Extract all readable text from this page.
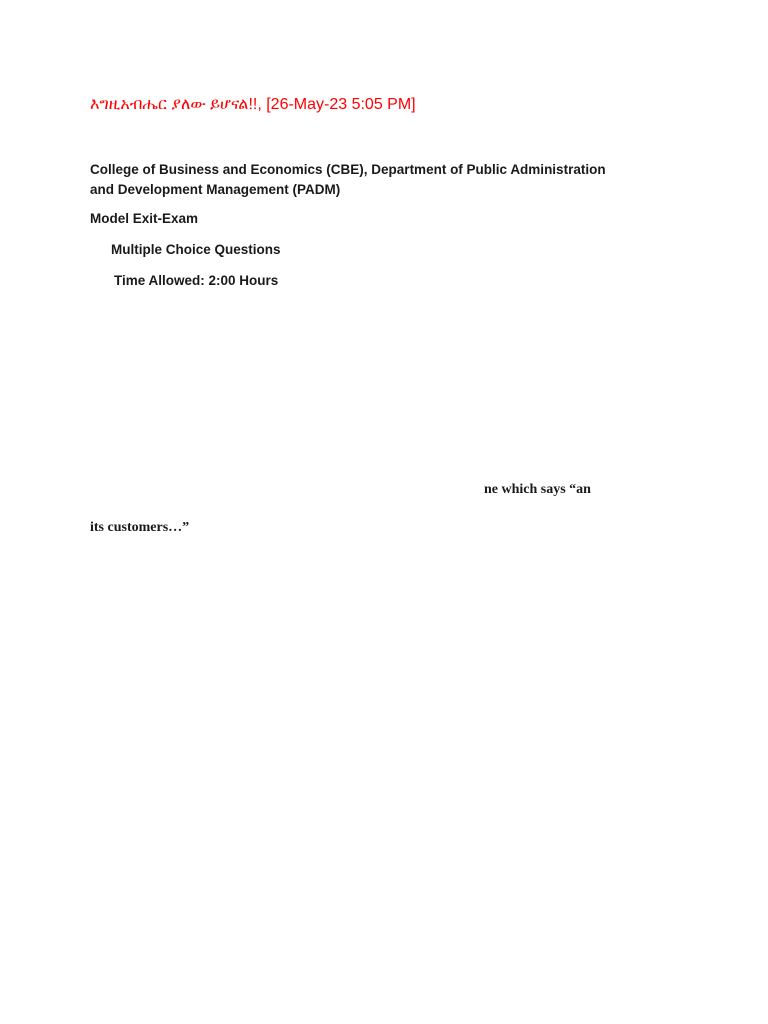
እግዚአብሔር ያለው ይሆናል!!, [26-May-23 5:05 PM]
College of Business and Economics (CBE), Department of Public Administration and Development Management (PADM)
Model Exit-Exam
Multiple Choice Questions
Time Allowed: 2:00 Hours
ne which says “an
its customers…”
